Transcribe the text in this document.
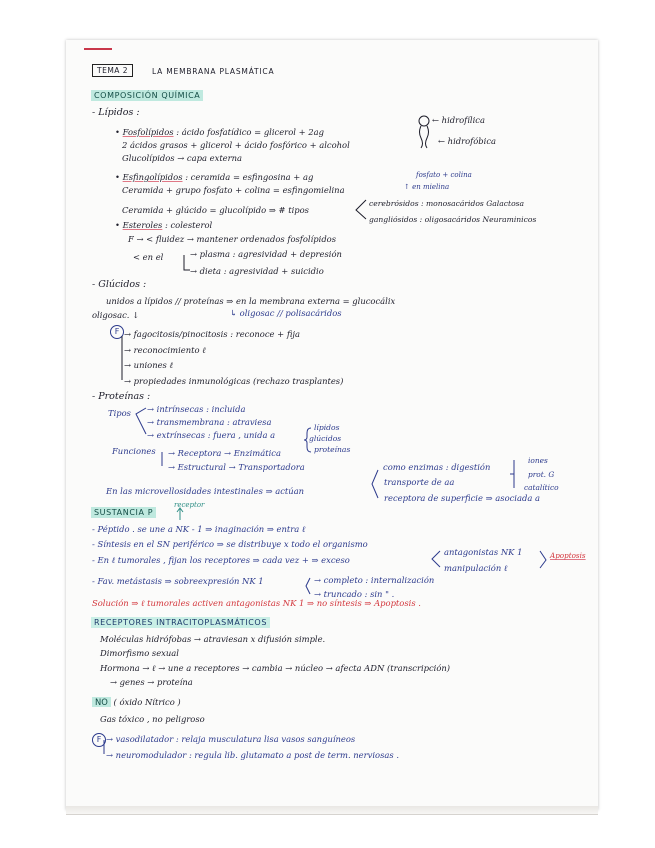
TEMA 2	LA MEMBRANA PLASMÁTICA
COMPOSICIÓN QUÍMICA
- Lípidos :
• Fosfolípidos : ácido fosfatídico = glicerol + 2ag
2 ácidos grasos + glicerol + ácido fosfórico + alcohol
Glucolípidos → capa externa
← hidrofílica
← hidrofóbica
• Esfingolípidos : ceramida = esfingosina + ag	fosfato + colina
↑ en mielina
Ceramida + grupo fosfato + colina = esfingomielina
Ceramida + glúcido = glucolípido ⇒ # tipos
cerebrósidos : monosacáridos Galactosa
gangliósidos : oligosacáridos Neuraminicos
• Esteroles : colesterol
F → < fluidez → mantener ordenados fosfolípidos
< en el	→ plasma : agresividad + depresión
→ dieta : agresividad + suicidio
- Glúcidos :
unidos a lípidos // proteínas ⇒ en la membrana externa = glucocálix
oligosac. ↓	↳ oligosac // polisacáridos
F → fagocitosis/pinocitosis : reconoce + fija
→ reconocimiento ℓ
→ uniones ℓ
→ propiedades inmunológicas (rechazo trasplantes)
- Proteínas :
Tipos → intrínsecas : incluida
→ transmembrana : atraviesa
→ extrínsecas : fuera , unida a
lípidos
glúcidos
proteínas
Funciones → Receptora → Enzimática
→ Estructural → Transportadora	como enzimas : digestión
iones
prot. G
catalítico
transporte de aa
receptora de superficie ⇒ asociada a
En las microvellosidades intestinales ⇒ actúan
SUSTANCIA P
receptor
- Péptido . se une a NK - 1 ⇒ inaginación ⇒ entra ℓ
- Síntesis en el SN periférico ⇒ se distribuye x todo el organismo
- En ℓ tumorales , fijan los receptores ⇒ cada vez + ⇒ exceso
antagonistas NK 1
manipulación ℓ
Apoptosis
- Fav. metástasis ⇒ sobreexpresión NK 1	→ completo : internalización
→ truncado : sin " .
Solución ⇒ ℓ tumorales activen antagonistas NK 1 ⇒ no síntesis ⇒ Apoptosis .
RECEPTORES INTRACITOPLASMÁTICOS
Moléculas hidrófobas → atraviesan x difusión simple.
Dimorfismo sexual
Hormona → ℓ → une a receptores → cambia → núcleo → afecta ADN (transcripción)
→ genes → proteína
NO ( óxido Nítrico )
Gas tóxico , no peligroso
F → vasodilatador : relaja musculatura lisa vasos sanguíneos
→ neuromodulador : regula lib. glutamato a post de term. nerviosas .
